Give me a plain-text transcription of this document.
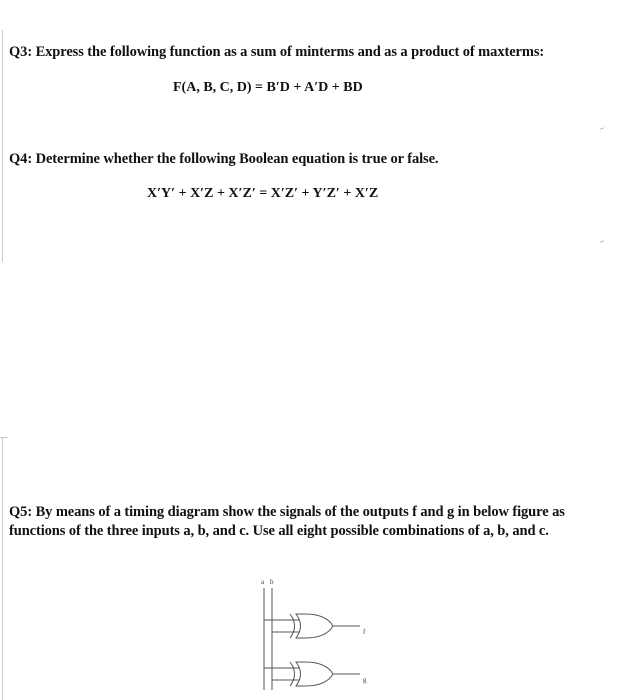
Q3: Express the following function as a sum of minterms and as a product of maxterms:
F(A, B, C, D) = B′D + A′D + BD
Q4: Determine whether the following Boolean equation is true or false.
X′Y′ + X′Z + X′Z′ = X′Z′ + Y′Z′ + X′Z
Q5: By means of a timing diagram show the signals of the outputs f and g in below figure as functions of the three inputs a, b, and c. Use all eight possible combinations of a, b, and c.
a b
f
g
